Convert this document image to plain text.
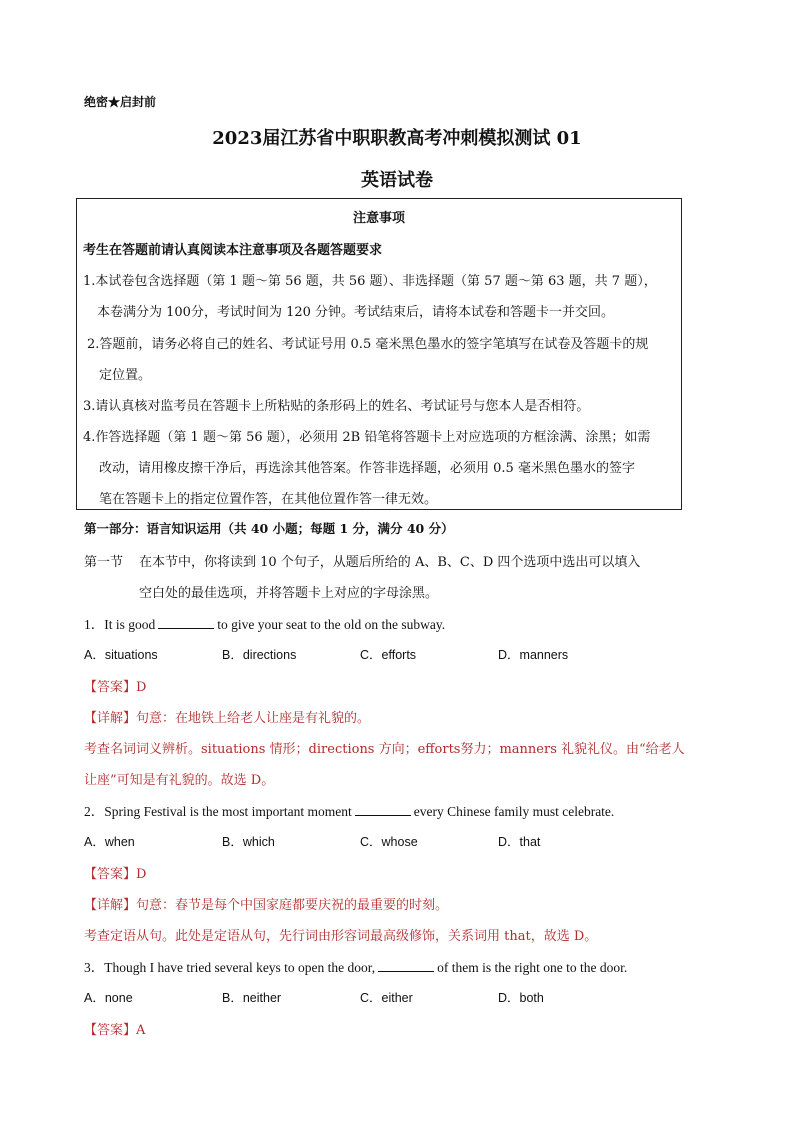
绝密★启封前
2023届江苏省中职职教高考冲刺模拟测试 01
英语试卷
注意事项
考生在答题前请认真阅读本注意事项及各题答题要求
1.本试卷包含选择题（第 1 题～第 56 题，共 56 题）、非选择题（第 57 题～第 63 题，共 7 题），
本卷满分为 100分，考试时间为 120 分钟。考试结束后，请将本试卷和答题卡一并交回。
2.答题前，请务必将自己的姓名、考试证号用 0.5 毫米黑色墨水的签字笔填写在试卷及答题卡的规
定位置。
3.请认真核对监考员在答题卡上所粘贴的条形码上的姓名、考试证号与您本人是否相符。
4.作答选择题（第 1 题～第 56 题），必须用 2B 铅笔将答题卡上对应选项的方框涂满、涂黑；如需
改动，请用橡皮擦干净后，再选涂其他答案。作答非选择题，必须用 0.5 毫米黑色墨水的签字
笔在答题卡上的指定位置作答，在其他位置作答一律无效。
第一部分：语言知识运用（共 40 小题；每题 1 分，满分 40 分）
第一节 在本节中，你将读到 10 个句子，从题后所给的 A、B、C、D 四个选项中选出可以填入
空白处的最佳选项，并将答题卡上对应的字母涂黑。
1．It is good	to give your seat to the old on the subway.
A．situations	B．directions	C．efforts	D．manners
【答案】D
【详解】句意：在地铁上给老人让座是有礼貌的。
考查名词词义辨析。situations 情形；directions 方向；efforts努力；manners 礼貌礼仪。由“给老人
让座”可知是有礼貌的。故选 D。
2．Spring Festival is the most important moment	every Chinese family must celebrate.
A．when	B．which	C．whose	D．that
【答案】D
【详解】句意：春节是每个中国家庭都要庆祝的最重要的时刻。
考查定语从句。此处是定语从句，先行词由形容词最高级修饰，关系词用 that，故选 D。
3．Though I have tried several keys to open the door,	of them is the right one to the door.
A．none	B．neither	C．either	D．both
【答案】A
